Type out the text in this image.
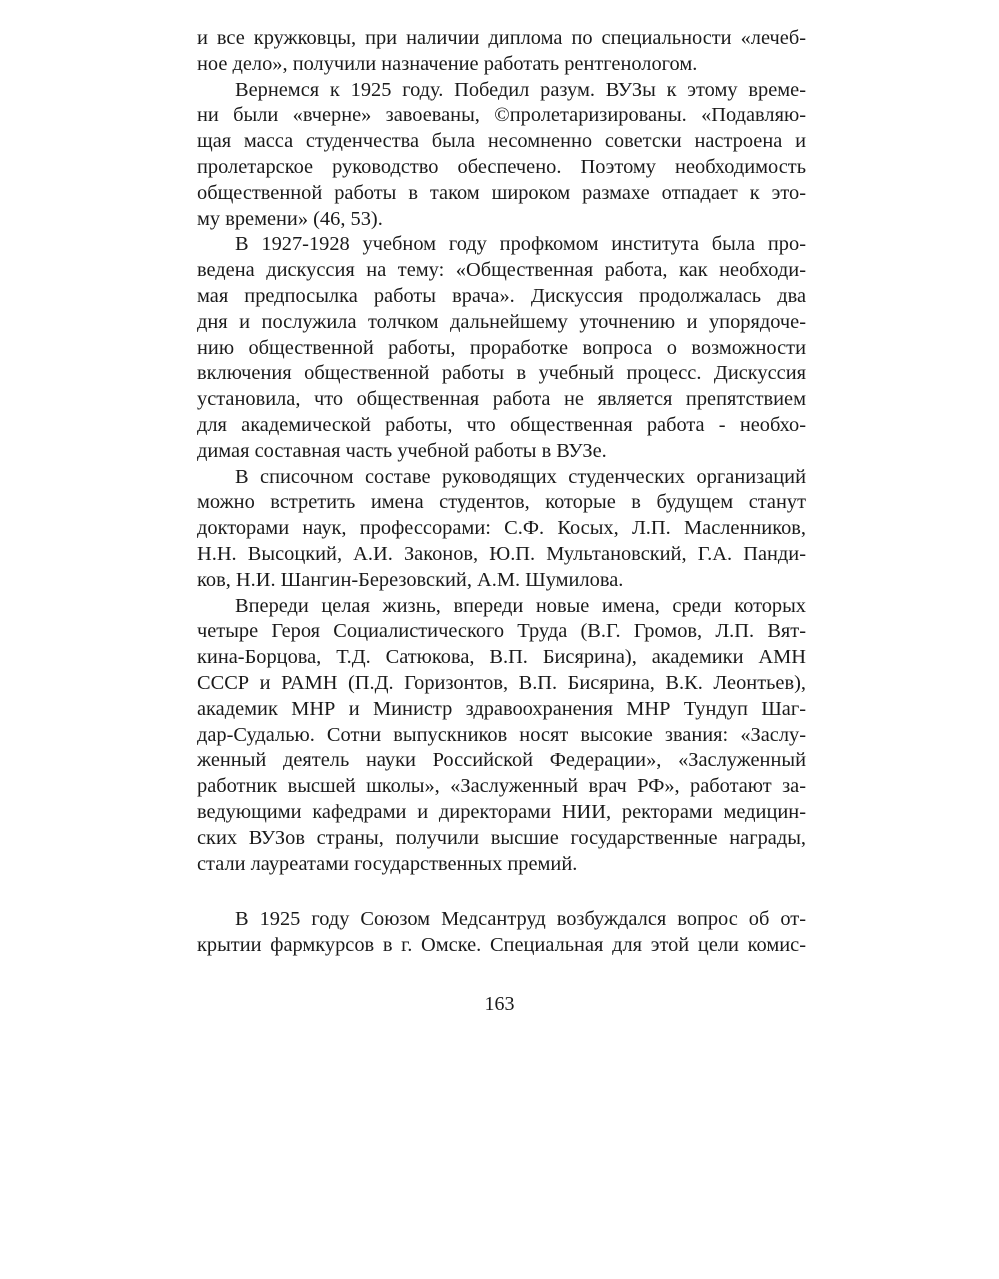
и все кружковцы, при наличии диплома по специальности «лечеб-
ное дело», получили назначение работать рентгенологом.
Вернемся к 1925 году. Победил разум. ВУЗы к этому време-
ни были «вчерне» завоеваны, ©пролетаризированы. «Подавляю-
щая масса студенчества была несомненно советски настроена и
пролетарское руководство обеспечено. Поэтому необходимость
общественной работы в таком широком размахе отпадает к это-
му времени» (46, 53).
В 1927-1928 учебном году профкомом института была про-
ведена дискуссия на тему: «Общественная работа, как необходи-
мая предпосылка работы врача». Дискуссия продолжалась два
дня и послужила толчком дальнейшему уточнению и упорядоче-
нию общественной работы, проработке вопроса о возможности
включения общественной работы в учебный процесс. Дискуссия
установила, что общественная работа не является препятствием
для академической работы, что общественная работа - необхо-
димая составная часть учебной работы в ВУЗе.
В списочном составе руководящих студенческих организаций
можно встретить имена студентов, которые в будущем станут
докторами наук, профессорами: С.Ф. Косых, Л.П. Масленников,
Н.Н. Высоцкий, А.И. Законов, Ю.П. Мультановский, Г.А. Панди-
ков, Н.И. Шангин-Березовский, А.М. Шумилова.
Впереди целая жизнь, впереди новые имена, среди которых
четыре Героя Социалистического Труда (В.Г. Громов, Л.П. Вят-
кина-Борцова, Т.Д. Сатюкова, В.П. Бисярина), академики АМН
СССР и РАМН (П.Д. Горизонтов, В.П. Бисярина, В.К. Леонтьев),
академик МНР и Министр здравоохранения МНР Тундуп Шаг-
дар-Судалью. Сотни выпускников носят высокие звания: «Заслу-
женный деятель науки Российской Федерации», «Заслуженный
работник высшей школы», «Заслуженный врач РФ», работают за-
ведующими кафедрами и директорами НИИ, ректорами медицин-
ских ВУЗов страны, получили высшие государственные награды,
стали лауреатами государственных премий.
В 1925 году Союзом Медсантруд возбуждался вопрос об от-
крытии фармкурсов в г. Омске. Специальная для этой цели комис-
163
